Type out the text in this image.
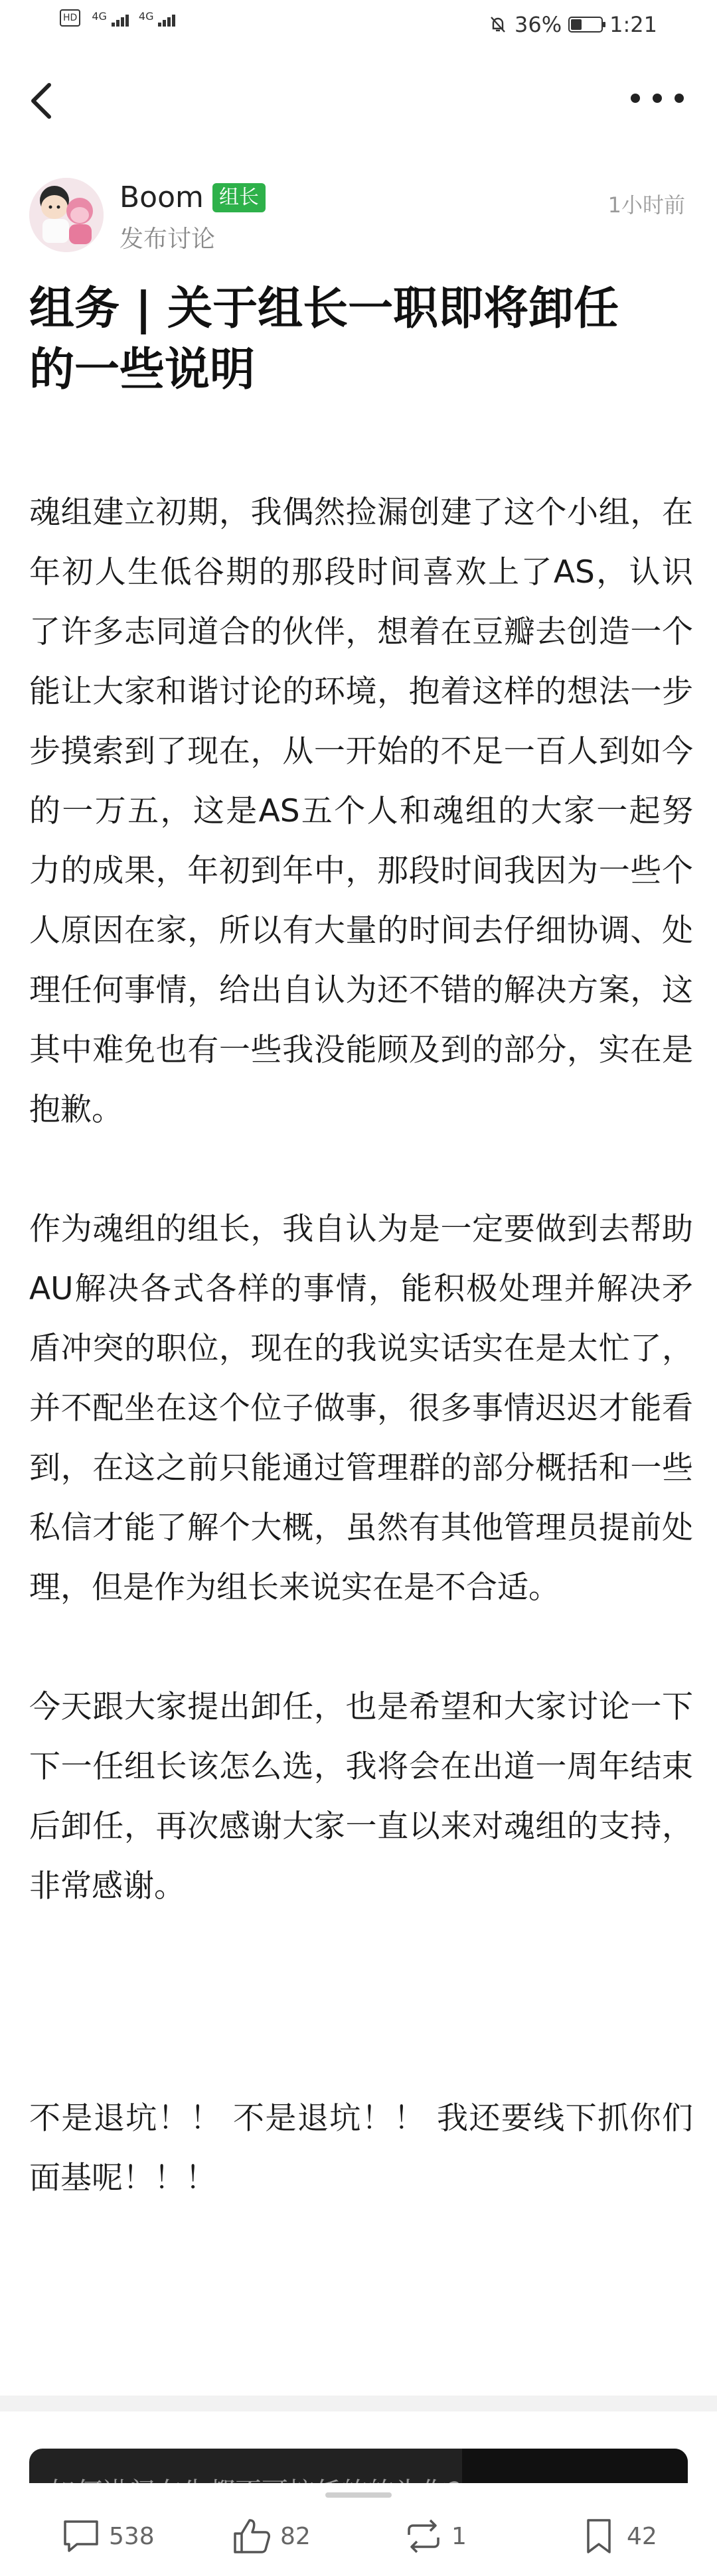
HD $^{4G}$	$^{4G}$	36% 1:21
Boom 组长
发布讨论
1小时前
组务 | 关于组长一职即将卸任
的一些说明

魂组建立初期，我偶然捡漏创建了这个小组，在年初人生低谷期的那段时间喜欢上了AS，认识了许多志同道合的伙伴，想着在豆瓣去创造一个能让大家和谐讨论的环境，抱着这样的想法一步步摸索到了现在，从一开始的不足一百人到如今的一万五，这是AS五个人和魂组的大家一起努力的成果，年初到年中，那段时间我因为一些个人原因在家，所以有大量的时间去仔细协调、处理任何事情，给出自认为还不错的解决方案，这其中难免也有一些我没能顾及到的部分，实在是抱歉。

作为魂组的组长，我自认为是一定要做到去帮助AU解决各式各样的事情，能积极处理并解决矛盾冲突的职位，现在的我说实话实在是太忙了，并不配坐在这个位子做事，很多事情迟迟才能看到，在这之前只能通过管理群的部分概括和一些私信才能了解个大概，虽然有其他管理员提前处理，但是作为组长来说实在是不合适。

今天跟大家提出卸任，也是希望和大家讨论一下下一任组长该怎么选，我将会在出道一周年结束后卸任，再次感谢大家一直以来对魂组的支持，非常感谢。

不是退坑！！ 不是退坑！！ 我还要线下抓你们面基呢！！！

538	82	1	42
